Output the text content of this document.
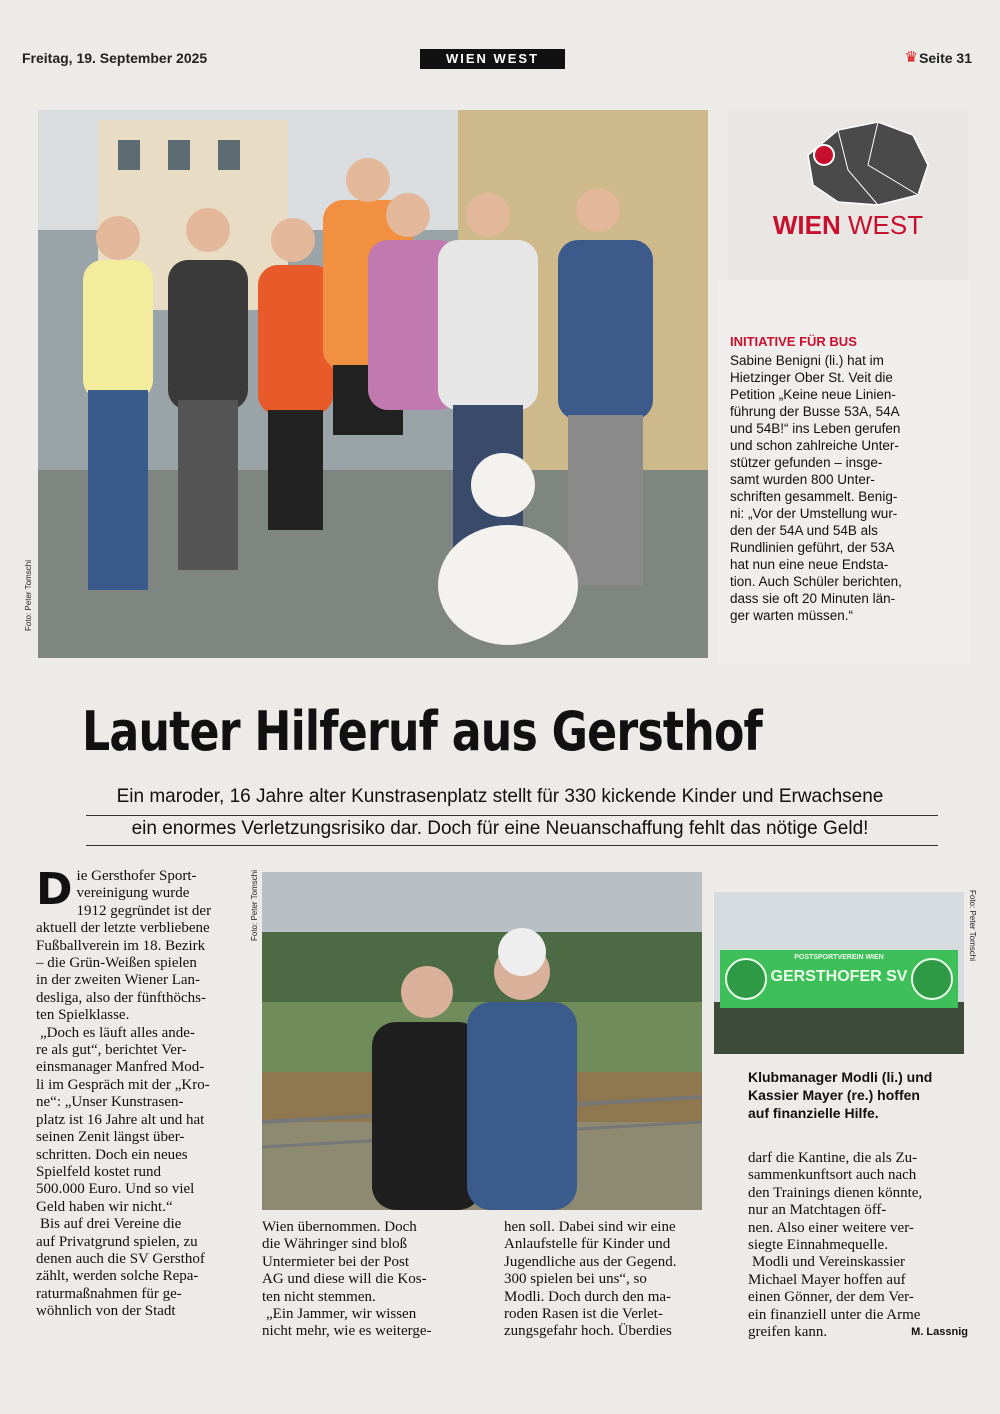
Freitag, 19. September 2025	WIEN WEST	♛ Seite 31
Foto: Peter Tomschi
WIEN WEST
INITIATIVE FÜR BUS
Sabine Benigni (li.) hat im
Hietzinger Ober St. Veit die
Petition „Keine neue Linien-
führung der Busse 53A, 54A
und 54B!“ ins Leben gerufen
und schon zahlreiche Unter-
stützer gefunden – insge-
samt wurden 800 Unter-
schriften gesammelt. Benig-
ni: „Vor der Umstellung wur-
den der 54A und 54B als
Rundlinien geführt, der 53A
hat nun eine neue Endsta-
tion. Auch Schüler berichten,
dass sie oft 20 Minuten län-
ger warten müssen.“
Lauter Hilferuf aus Gersthof
Ein maroder, 16 Jahre alter Kunstrasenplatz stellt für 330 kickende Kinder und Erwachsene
ein enormes Verletzungsrisiko dar. Doch für eine Neuanschaffung fehlt das nötige Geld!
D ie Gersthofer Sport-
vereinigung wurde
1912 gegründet ist der
aktuell der letzte verbliebene
Fußballverein im 18. Bezirk
– die Grün-Weißen spielen
in der zweiten Wiener Lan-
desliga, also der fünfthöchs-
ten Spielklasse.
„Doch es läuft alles ande-
re als gut“, berichtet Ver-
einsmanager Manfred Mod-
li im Gespräch mit der „Kro-
ne“: „Unser Kunstrasen-
platz ist 16 Jahre alt und hat
seinen Zenit längst über-
schritten. Doch ein neues
Spielfeld kostet rund
500.000 Euro. Und so viel
Geld haben wir nicht.“
Bis auf drei Vereine die
auf Privatgrund spielen, zu
denen auch die SV Gersthof
zählt, werden solche Repa-
raturmaßnahmen für ge-
wöhnlich von der Stadt
Foto: Peter Tomschi
POSTSPORTVEREIN WIEN
GERSTHOFER SV
Foto: Peter Tomschi
Klubmanager Modli (li.) und
Kassier Mayer (re.) hoffen
auf finanzielle Hilfe.
Wien übernommen. Doch
die Währinger sind bloß
Untermieter bei der Post
AG und diese will die Kos-
ten nicht stemmen.
„Ein Jammer, wir wissen
nicht mehr, wie es weiterge-
hen soll. Dabei sind wir eine
Anlaufstelle für Kinder und
Jugendliche aus der Gegend.
300 spielen bei uns“, so
Modli. Doch durch den ma-
roden Rasen ist die Verlet-
zungsgefahr hoch. Überdies
darf die Kantine, die als Zu-
sammenkunftsort auch nach
den Trainings dienen könnte,
nur an Matchtagen öff-
nen. Also einer weitere ver-
siegte Einnahmequelle.
Modli und Vereinskassier
Michael Mayer hoffen auf
einen Gönner, der dem Ver-
ein finanziell unter die Arme
greifen kann.	M. Lassnig
